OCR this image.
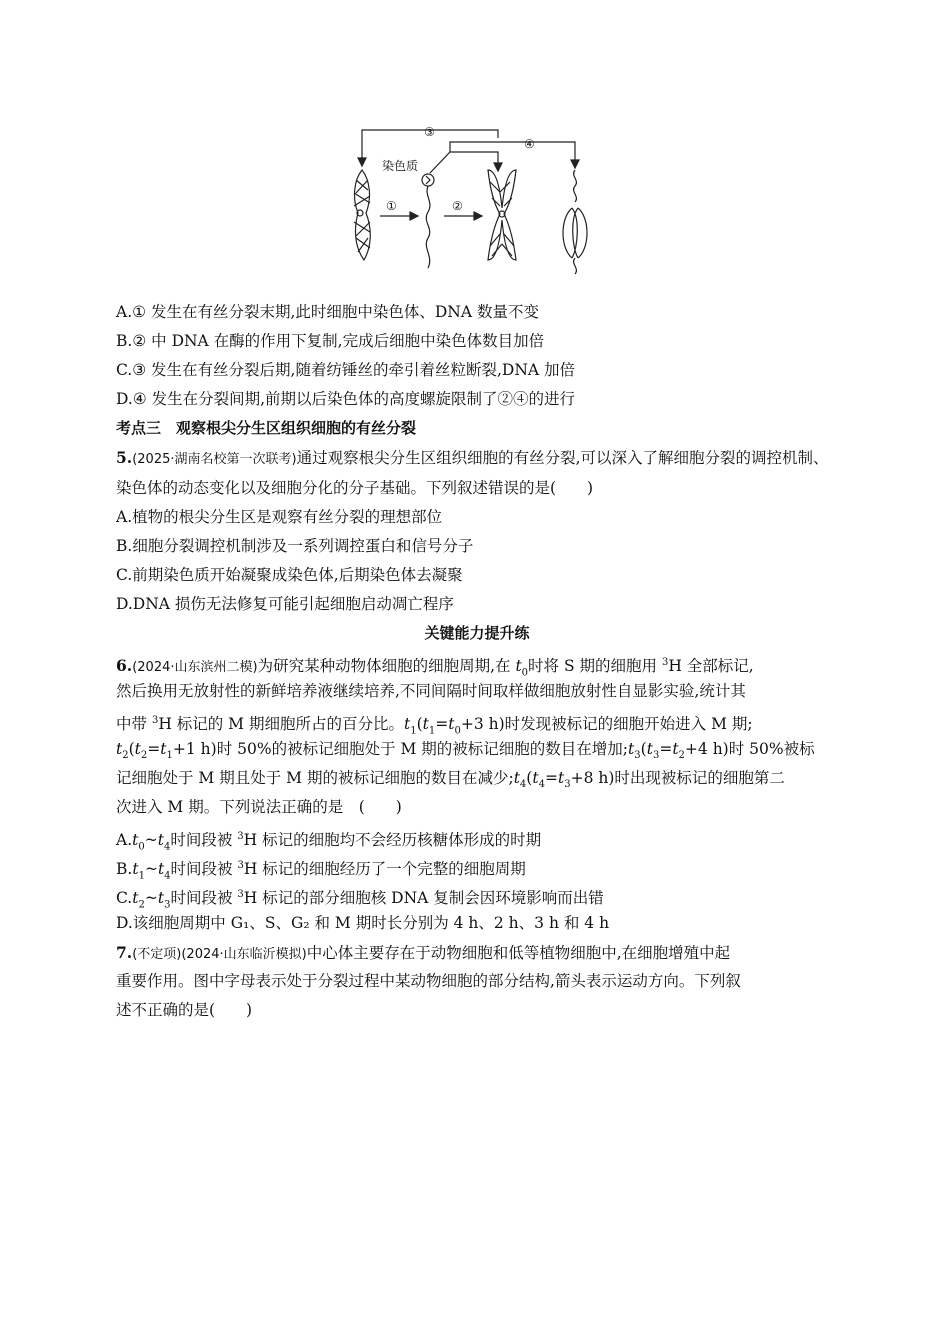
染色质
①	②
③
④
A.① 发生在有丝分裂末期,此时细胞中染色体、DNA 数量不变
B.② 中 DNA 在酶的作用下复制,完成后细胞中染色体数目加倍
C.③ 发生在有丝分裂后期,随着纺锤丝的牵引着丝粒断裂,DNA 加倍
D.④ 发生在分裂间期,前期以后染色体的高度螺旋限制了②④的进行
考点三　观察根尖分生区组织细胞的有丝分裂
5.(2025·湖南名校第一次联考)通过观察根尖分生区组织细胞的有丝分裂,可以深入了解细胞分裂的调控机制、染色体的动态变化以及细胞分化的分子基础。下列叙述错误的是(　　)
A.植物的根尖分生区是观察有丝分裂的理想部位
B.细胞分裂调控机制涉及一系列调控蛋白和信号分子
C.前期染色质开始凝聚成染色体,后期染色体去凝聚
D.DNA 损伤无法修复可能引起细胞启动凋亡程序
关键能力提升练
6.(2024·山东滨州二模)为研究某种动物体细胞的细胞周期,在 $t_0$时将 S 期的细胞用 $^3$H 全部标记,
然后换用无放射性的新鲜培养液继续培养,不同间隔时间取样做细胞放射性自显影实验,统计其
中带 $^3$H 标记的 M 期细胞所占的百分比。$t_1(t_1=t_0+3$ h)时发现被标记的细胞开始进入 M 期;
$t_2(t_2=t_1+1$ h)时 50%的被标记细胞处于 M 期的被标记细胞的数目在增加$;t_3(t_3=t_2+4$ h)时 50%被标
记细胞处于 M 期且处于 M 期的被标记细胞的数目在减少$;t_4(t_4=t_3+8$ h)时出现被标记的细胞第二
次进入 M 期。下列说法正确的是　(　　)
$A.t_0\sim t_4$时间段被 $^3$H 标记的细胞均不会经历核糖体形成的时期
$B.t_1\sim t_4$时间段被 $^3$H 标记的细胞经历了一个完整的细胞周期
$C.t_2\sim t_3$时间段被 $^3$H 标记的部分细胞核 DNA 复制会因环境影响而出错
D.该细胞周期中 G₁、S、G₂ 和 M 期时长分别为 4 h、2 h、3 h 和 4 h
7.(不定项)(2024·山东临沂模拟)中心体主要存在于动物细胞和低等植物细胞中,在细胞增殖中起
重要作用。图中字母表示处于分裂过程中某动物细胞的部分结构,箭头表示运动方向。下列叙
述不正确的是(　　)
